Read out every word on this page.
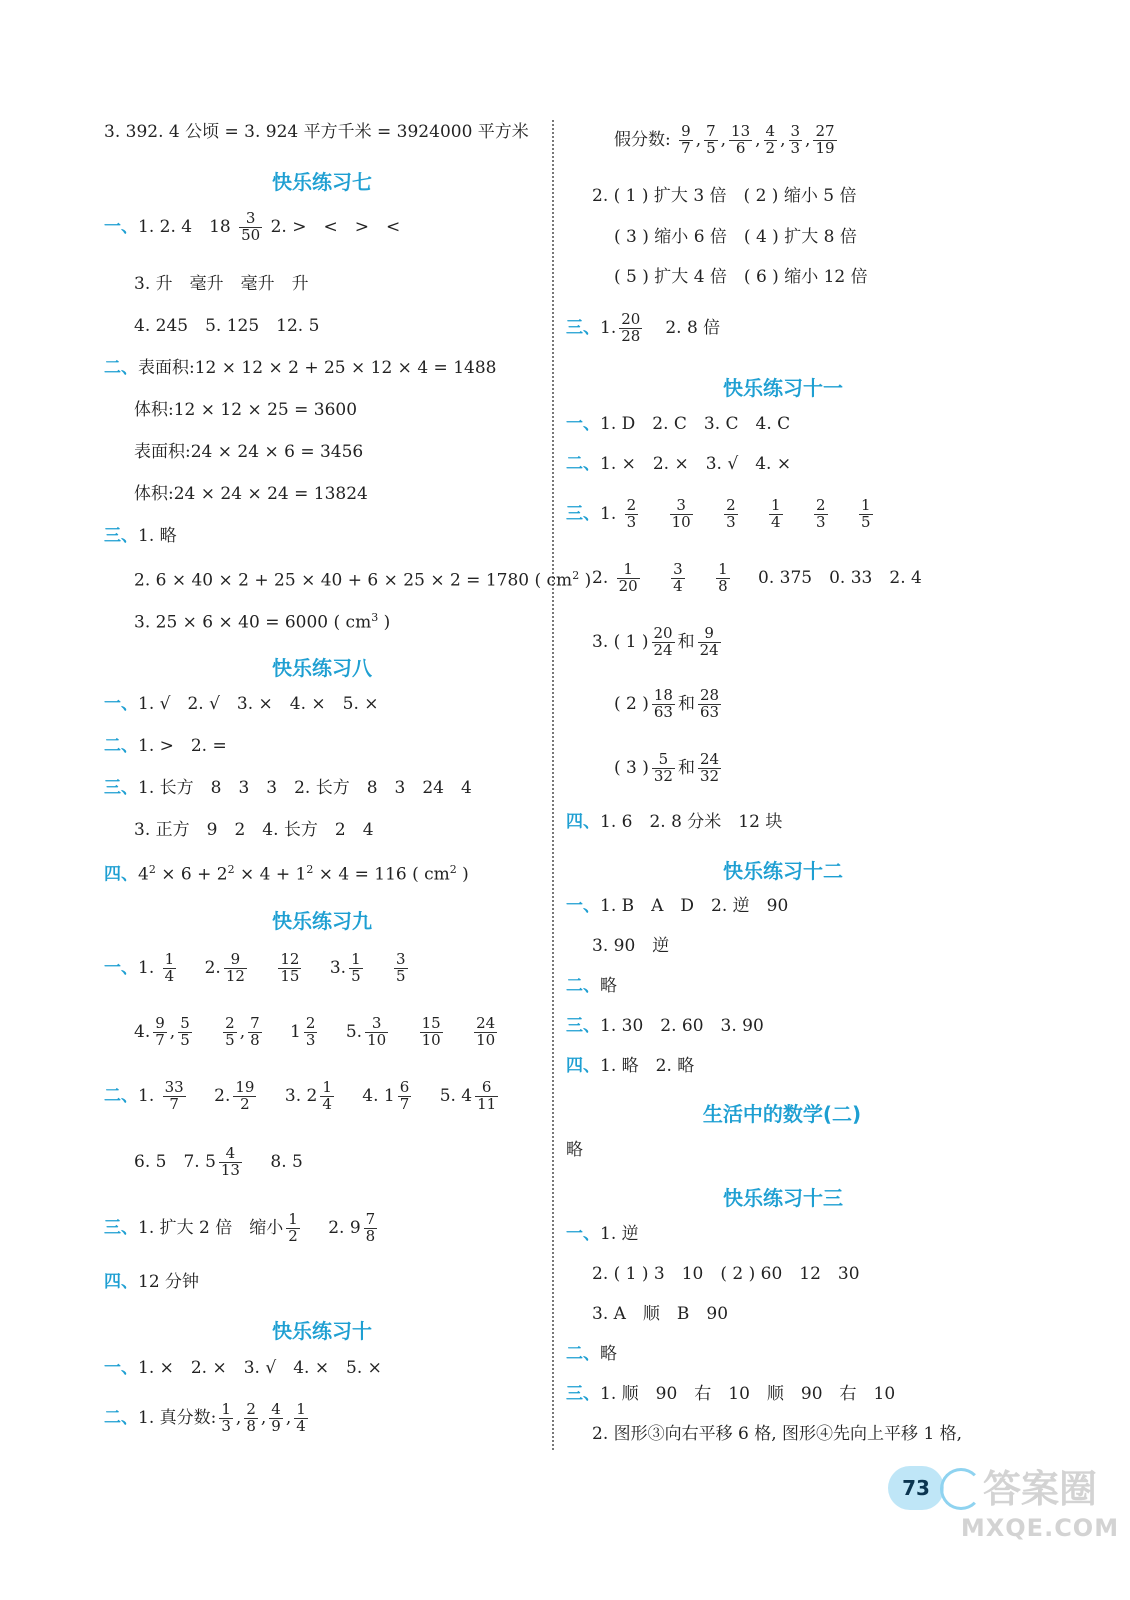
3. 392. 4 公顷 = 3. 924 平方千米 = 3924000 平方米
快乐练习七
一、1. 2. 4　$18 \frac{3}{50} 2$. >　<　>　<
3. 升　毫升　毫升　升
4. 245　5. 125　12. 5
二、表面积:12 × 12 × 2 + 25 × 12 × 4 = 1488
体积:12 × 12 × 25 = 3600
表面积:24 × 24 × 6 = 3456
体积:24 × 24 × 24 = 13824
三、1. 略
2. 6 × 40 × 2 + 25 × 40 + 6 × 25 × 2 = 1780 ( $cm^2$ )
3. 25 × 6 × 40 = 6000 ( $cm^3$ )
快乐练习八
一、1. √　2. √　3. ×　4. ×　5. ×
二、1. >　2. =
三、1. 长方　8　3　3　2. 长方　8　3　24　4
3. 正方　9　2　4. 长方　2　4
四、$4^2 \times 6 + 2^2 \times 4 + 1^2 \times 4 = 116$ ( $cm^2$ )
快乐练习九
一、1. $\frac{1}{4} 2$. $\frac{9}{12}$
$\frac{12}{15} 3$. $\frac{1}{5}$
$\frac{3}{5}$
4. $\frac{9}{7}$ , $\frac{5}{5}$
$\frac{2}{5}$ , $\frac{7}{8} 1 \frac{2}{3} 5$. $\frac{3}{10}$
$\frac{15}{10}$
$\frac{24}{10}$
二、1. $\frac{33}{7} 2$. $\frac{19}{2} 3$. $2 \frac{1}{4} 4$. $1 \frac{6}{7} 5$. $4 \frac{6}{11}$
6. 5　7. $5 \frac{4}{13} 8$. 5
三、1. 扩大 2 倍　缩小 $\frac{1}{2} 2$. $9 \frac{7}{8}$
四、12 分钟
快乐练习十
一、1. ×　2. ×　3. √　4. ×　5. ×
二、1. 真分数: $\frac{1}{3}$ , $\frac{2}{8}$ , $\frac{4}{9}$ , $\frac{1}{4}$
假分数: $\frac{9}{7}$ , $\frac{7}{5}$ , $\frac{13}{6}$ , $\frac{4}{2}$ , $\frac{3}{3}$ , $\frac{27}{19}$
2. ( 1 ) 扩大 3 倍　( 2 ) 缩小 5 倍
( 3 ) 缩小 6 倍　( 4 ) 扩大 8 倍
( 5 ) 扩大 4 倍　( 6 ) 缩小 12 倍
三、1. $\frac{20}{28} 2$. 8 倍
快乐练习十一
一、1. D　2. C　3. C　4. C
二、1. ×　2. ×　3. √　4. ×
三、1. $\frac{2}{3}$
$\frac{3}{10}$
$\frac{2}{3}$
$\frac{1}{4}$
$\frac{2}{3}$
$\frac{1}{5}$
2. $\frac{1}{20}$
$\frac{3}{4}$
$\frac{1}{8} 0$. 375　0. 33　2. 4
3. ( 1 ) $\frac{20}{24}$ 和 $\frac{9}{24}$
( 2 ) $\frac{18}{63}$ 和 $\frac{28}{63}$
( 3 ) $\frac{5}{32}$ 和 $\frac{24}{32}$
四、1. 6　2. 8 分米　12 块
快乐练习十二
一、1. B　A　D　2. 逆　90
3. 90　逆
二、略
三、1. 30　2. 60　3. 90
四、1. 略　2. 略
生活中的数学(二)
略
快乐练习十三
一、1. 逆
2. ( 1 ) 3　10　( 2 ) 60　12　30
3. A　顺　B　90
二、略
三、1. 顺　90　右　10　顺　90　右　10
2. 图形③向右平移 6 格, 图形④先向上平移 1 格,
73	答案圈
MXQE.COM
